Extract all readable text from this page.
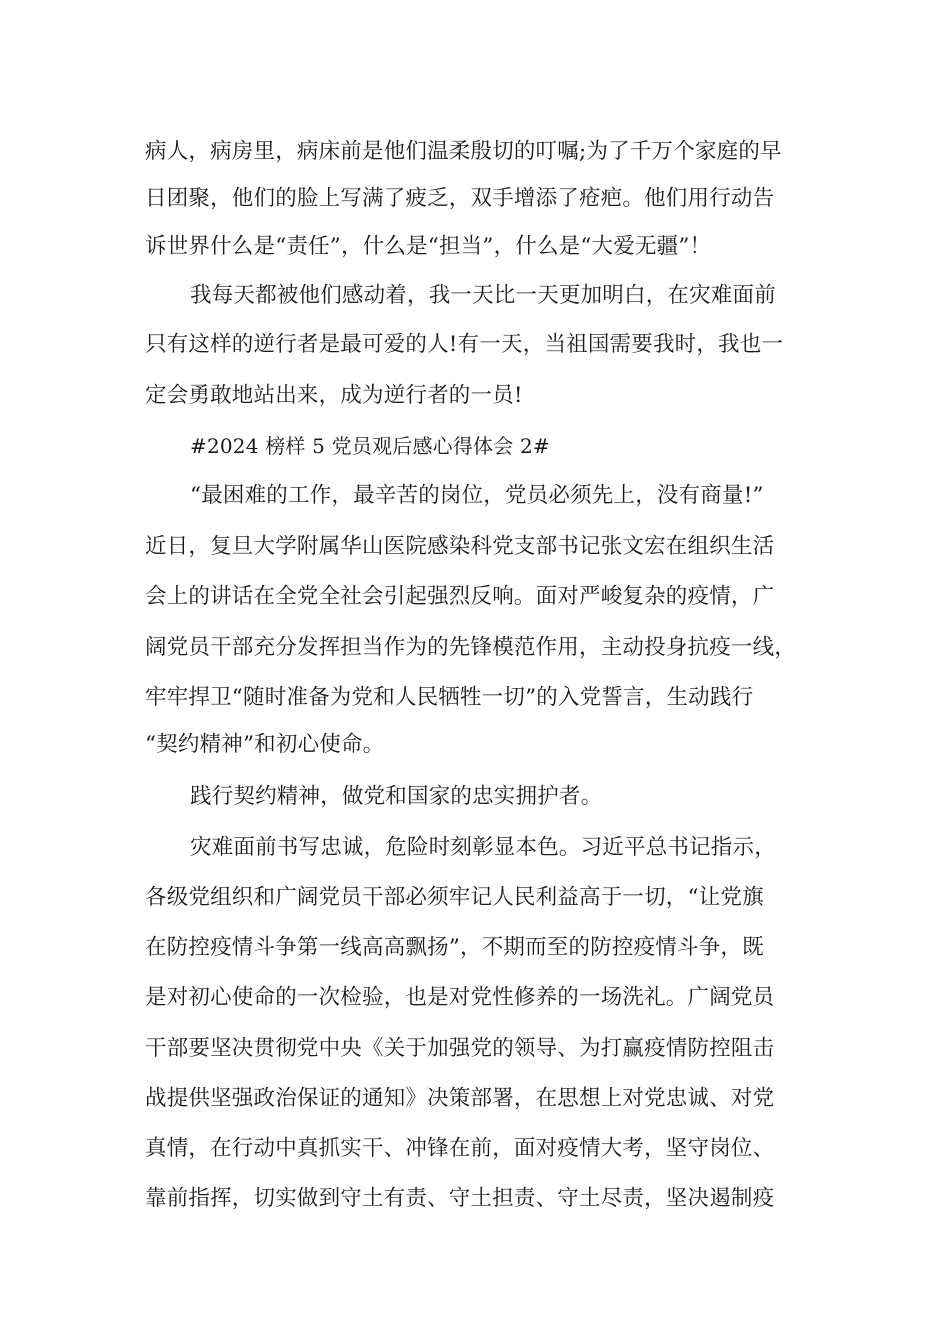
病人，病房里，病床前是他们温柔殷切的叮嘱;为了千万个家庭的早
日团聚，他们的脸上写满了疲乏，双手增添了疮疤。他们用行动告
诉世界什么是“责任”，什么是“担当”，什么是“大爱无疆”！
我每天都被他们感动着，我一天比一天更加明白，在灾难面前
只有这样的逆行者是最可爱的人!有一天，当祖国需要我时，我也一
定会勇敢地站出来，成为逆行者的一员!
#2024 榜样 5 党员观后感心得体会 2#
“最困难的工作，最辛苦的岗位，党员必须先上，没有商量!”
近日，复旦大学附属华山医院感染科党支部书记张文宏在组织生活
会上的讲话在全党全社会引起强烈反响。面对严峻复杂的疫情，广
阔党员干部充分发挥担当作为的先锋模范作用，主动投身抗疫一线，
牢牢捍卫“随时准备为党和人民牺牲一切”的入党誓言，生动践行
“契约精神”和初心使命。
践行契约精神，做党和国家的忠实拥护者。
灾难面前书写忠诚，危险时刻彰显本色。习近平总书记指示，
各级党组织和广阔党员干部必须牢记人民利益高于一切，“让党旗
在防控疫情斗争第一线高高飘扬”，不期而至的防控疫情斗争，既
是对初心使命的一次检验，也是对党性修养的一场洗礼。广阔党员
干部要坚决贯彻党中央《关于加强党的领导、为打赢疫情防控阻击
战提供坚强政治保证的通知》决策部署，在思想上对党忠诚、对党
真情，在行动中真抓实干、冲锋在前，面对疫情大考，坚守岗位、
靠前指挥，切实做到守土有责、守土担责、守土尽责，坚决遏制疫
